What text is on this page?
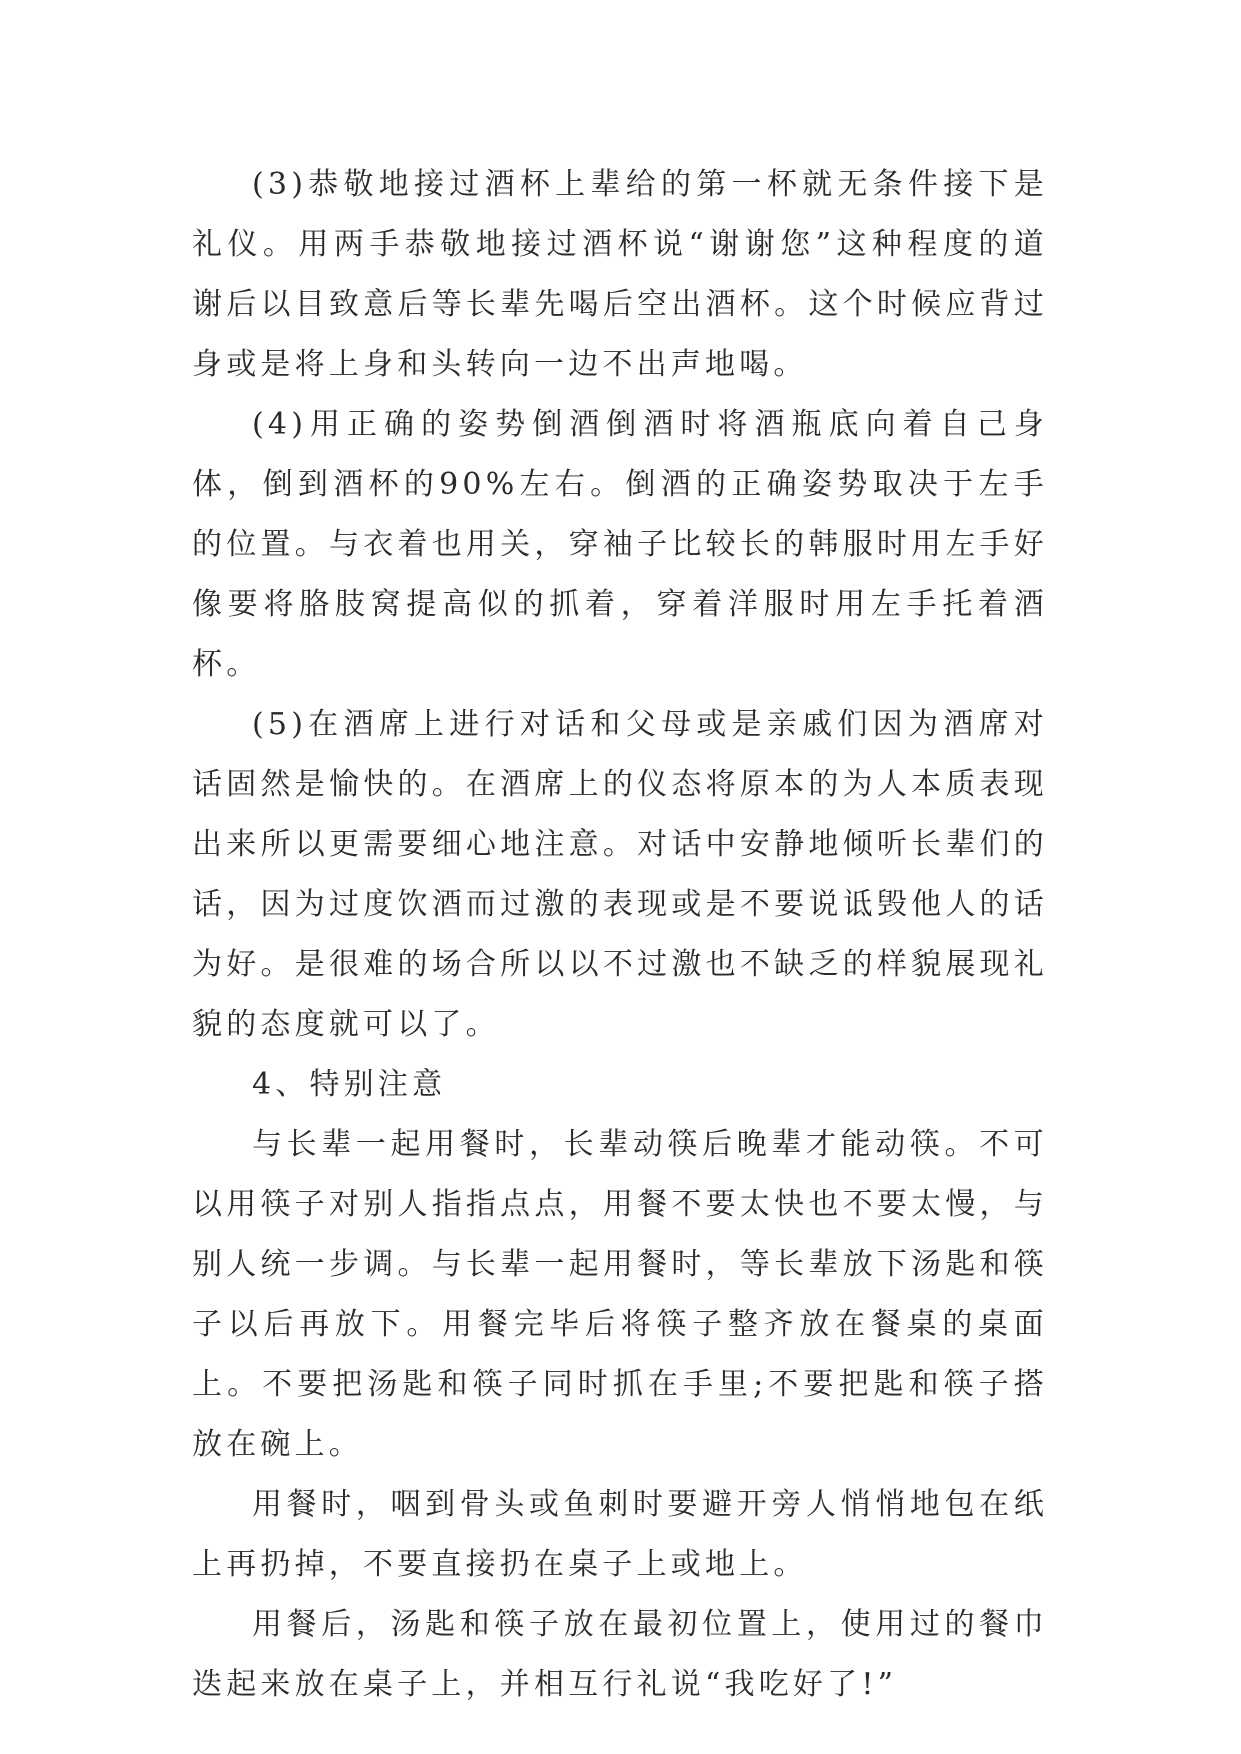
(3)恭敬地接过酒杯上辈给的第一杯就无条件接下是礼仪。用两手恭敬地接过酒杯说“谢谢您”这种程度的道谢后以目致意后等长辈先喝后空出酒杯。这个时候应背过身或是将上身和头转向一边不出声地喝。

(4)用正确的姿势倒酒倒酒时将酒瓶底向着自己身体，倒到酒杯的90%左右。倒酒的正确姿势取决于左手的位置。与衣着也用关，穿袖子比较长的韩服时用左手好像要将胳肢窝提高似的抓着，穿着洋服时用左手托着酒杯。

(5)在酒席上进行对话和父母或是亲戚们因为酒席对话固然是愉快的。在酒席上的仪态将原本的为人本质表现出来所以更需要细心地注意。对话中安静地倾听长辈们的话，因为过度饮酒而过激的表现或是不要说诋毁他人的话为好。是很难的场合所以以不过激也不缺乏的样貌展现礼貌的态度就可以了。

4、特别注意

与长辈一起用餐时，长辈动筷后晚辈才能动筷。不可以用筷子对别人指指点点，用餐不要太快也不要太慢，与别人统一步调。与长辈一起用餐时，等长辈放下汤匙和筷子以后再放下。用餐完毕后将筷子整齐放在餐桌的桌面上。不要把汤匙和筷子同时抓在手里;不要把匙和筷子搭放在碗上。

用餐时，咽到骨头或鱼刺时要避开旁人悄悄地包在纸上再扔掉，不要直接扔在桌子上或地上。

用餐后，汤匙和筷子放在最初位置上，使用过的餐巾迭起来放在桌子上，并相互行礼说“我吃好了!”
